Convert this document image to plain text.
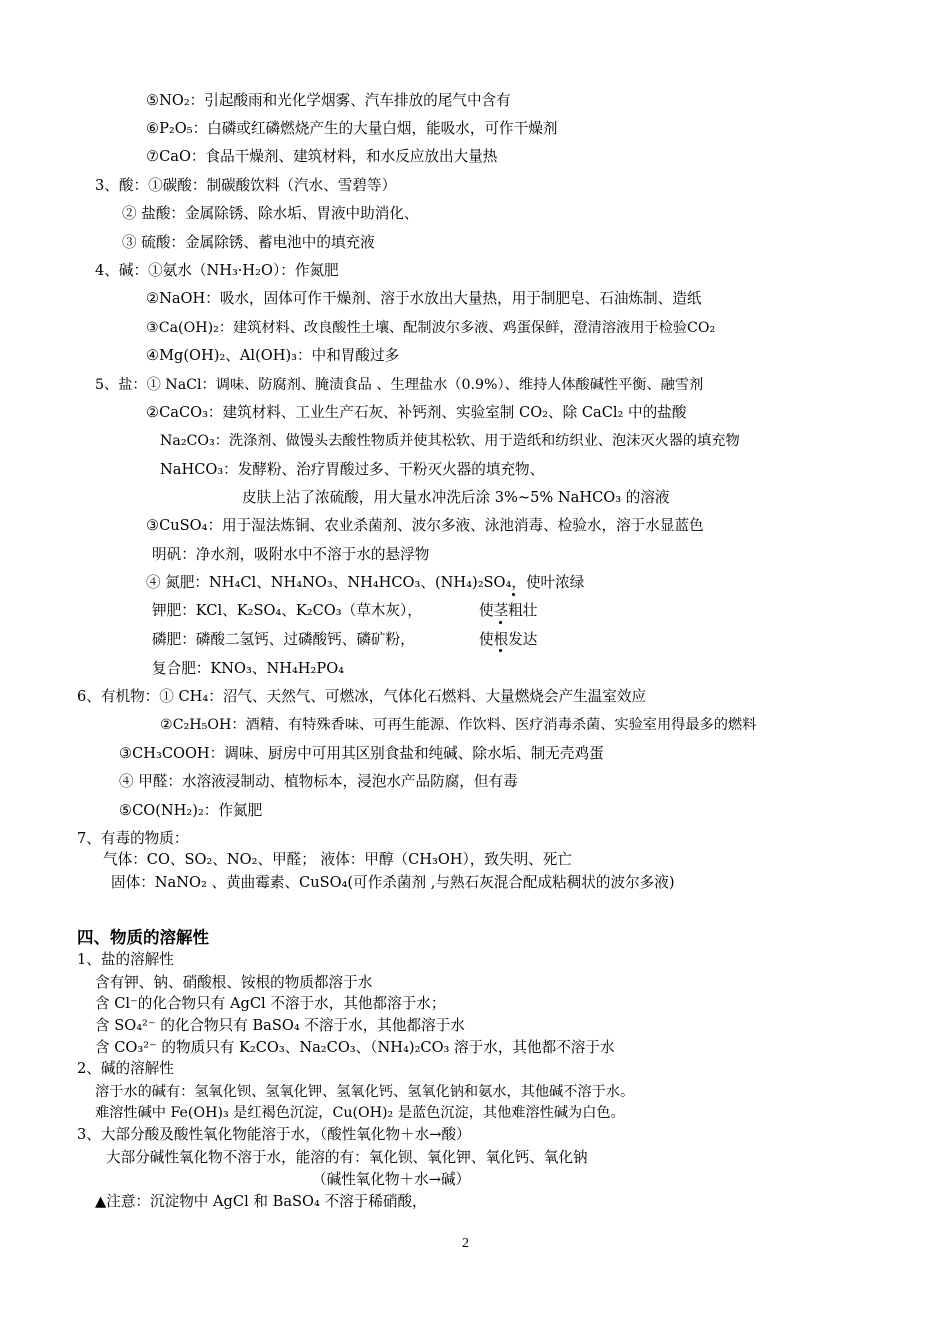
⑤NO₂：引起酸雨和光化学烟雾、汽车排放的尾气中含有
⑥P₂O₅：白磷或红磷燃烧产生的大量白烟，能吸水，可作干燥剂
⑦CaO：食品干燥剂、建筑材料，和水反应放出大量热
3、酸：①碳酸：制碳酸饮料（汽水、雪碧等）
② 盐酸：金属除锈、除水垢、胃液中助消化、
③ 硫酸：金属除锈、蓄电池中的填充液
4、碱：①氨水（NH₃·H₂O）：作氮肥
②NaOH：吸水，固体可作干燥剂、溶于水放出大量热，用于制肥皂、石油炼制、造纸
③Ca(OH)₂：建筑材料、改良酸性土壤、配制波尔多液、鸡蛋保鲜，澄清溶液用于检验CO₂
④Mg(OH)₂、Al(OH)₃：中和胃酸过多
5、盐：① NaCl：调味、防腐剂、腌渍食品 、生理盐水（0.9%）、维持人体酸碱性平衡、融雪剂
②CaCO₃：建筑材料、工业生产石灰、补钙剂、实验室制 CO₂、除 CaCl₂ 中的盐酸
Na₂CO₃：洗涤剂、做馒头去酸性物质并使其松软、用于造纸和纺织业、泡沫灭火器的填充物
NaHCO₃：发酵粉、治疗胃酸过多、干粉灭火器的填充物、
皮肤上沾了浓硫酸，用大量水冲洗后涂 3%~5% NaHCO₃ 的溶液
③CuSO₄：用于湿法炼铜、农业杀菌剂、波尔多液、泳池消毒、检验水，溶于水显蓝色
明矾：净水剂，吸附水中不溶于水的悬浮物
④ 氮肥：NH₄Cl、NH₄NO₃、NH₄HCO₃、(NH₄)₂SO₄，使叶浓绿
钾肥：KCl、K₂SO₄、K₂CO₃（草木灰），	使茎粗壮
磷肥：磷酸二氢钙、过磷酸钙、磷矿粉，	使根发达
复合肥：KNO₃、NH₄H₂PO₄
6、有机物：① CH₄：沼气、天然气、可燃冰，气体化石燃料、大量燃烧会产生温室效应
②C₂H₅OH：酒精、有特殊香味、可再生能源、作饮料、医疗消毒杀菌、实验室用得最多的燃料
③CH₃COOH：调味、厨房中可用其区别食盐和纯碱、除水垢、制无壳鸡蛋
④ 甲醛：水溶液浸制动、植物标本，浸泡水产品防腐，但有毒
⑤CO(NH₂)₂：作氮肥
7、有毒的物质：
气体：CO、SO₂、NO₂、甲醛； 液体：甲醇（CH₃OH），致失明、死亡
固体：NaNO₂ 、黄曲霉素、CuSO₄(可作杀菌剂 ,与熟石灰混合配成粘稠状的波尔多液)
四、物质的溶解性
1、盐的溶解性
含有钾、钠、硝酸根、铵根的物质都溶于水
含 Cl⁻的化合物只有 AgCl 不溶于水，其他都溶于水；
含 SO₄²⁻ 的化合物只有 BaSO₄ 不溶于水，其他都溶于水
含 CO₃²⁻ 的物质只有 K₂CO₃、Na₂CO₃、（NH₄)₂CO₃ 溶于水，其他都不溶于水
2、碱的溶解性
溶于水的碱有：氢氧化钡、氢氧化钾、氢氧化钙、氢氧化钠和氨水，其他碱不溶于水。
难溶性碱中 Fe(OH)₃ 是红褐色沉淀，Cu(OH)₂ 是蓝色沉淀，其他难溶性碱为白色。
3、大部分酸及酸性氧化物能溶于水，（酸性氧化物＋水→酸）
大部分碱性氧化物不溶于水，能溶的有：氧化钡、氧化钾、氧化钙、氧化钠
（碱性氧化物＋水→碱）
▲注意：沉淀物中 AgCl 和 BaSO₄ 不溶于稀硝酸，
2
